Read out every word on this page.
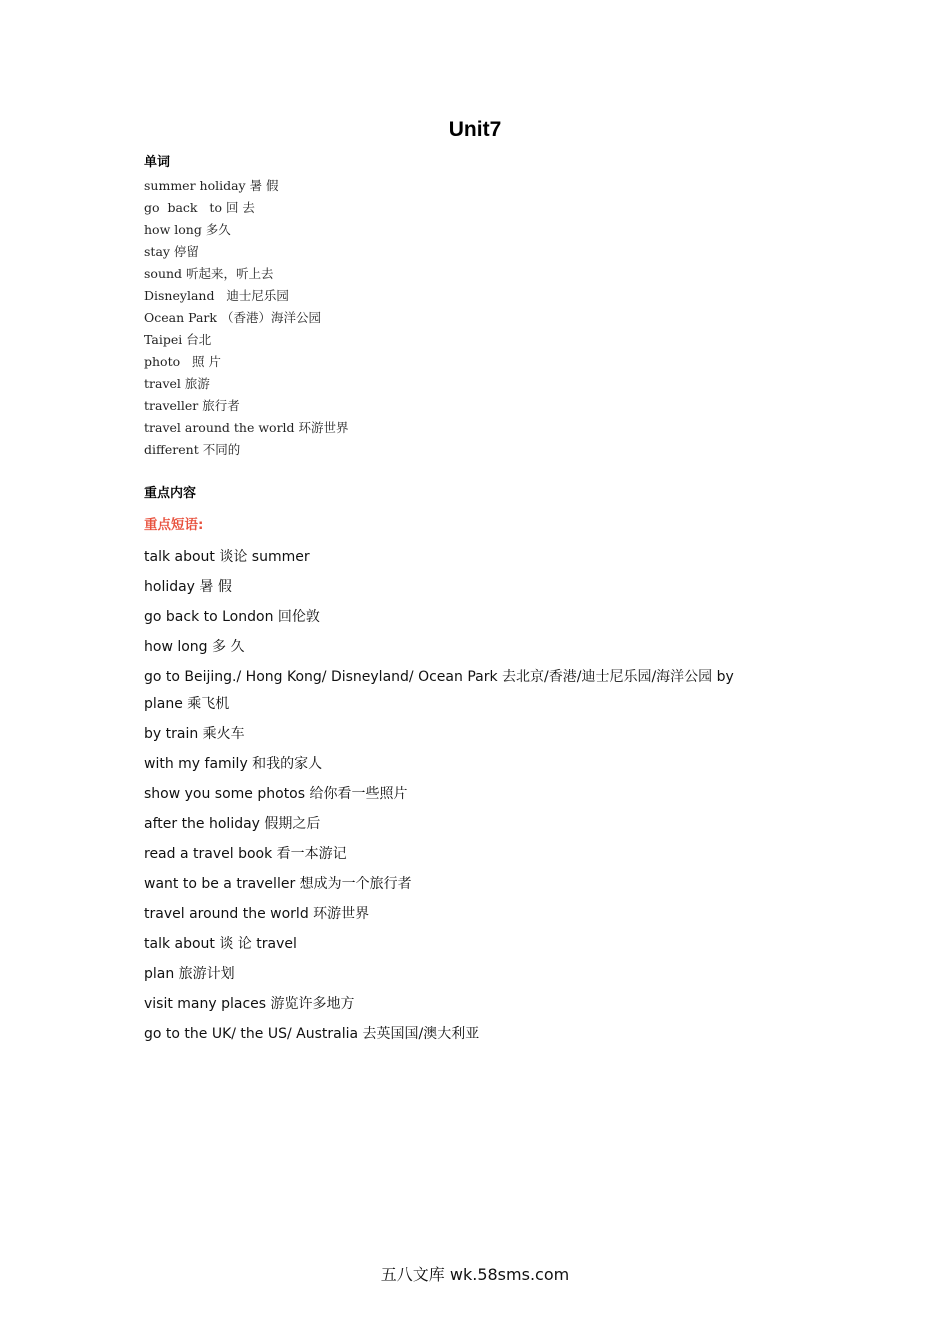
Unit7
单词
summer holiday 暑 假
go  back   to 回 去
how long 多久
stay 停留
sound 听起来，听上去
Disneyland   迪士尼乐园
Ocean Park （香港）海洋公园
Taipei 台北
photo   照 片
travel 旅游
traveller 旅行者
travel around the world 环游世界
different 不同的
重点内容
重点短语:
talk about 谈论 summer
holiday 暑 假
go back to London 回伦敦
how long 多 久
go to Beijing./ Hong Kong/ Disneyland/ Ocean Park 去北京/香港/迪士尼乐园/海洋公园 by plane 乘飞机
by train 乘火车
with my family 和我的家人
show you some photos 给你看一些照片
after the holiday 假期之后
read a travel book 看一本游记
want to be a traveller 想成为一个旅行者
travel around the world 环游世界
talk about 谈 论 travel
plan 旅游计划
visit many places 游览许多地方
go to the UK/ the US/ Australia 去英国国/澳大利亚
五八文库 wk.58sms.com
